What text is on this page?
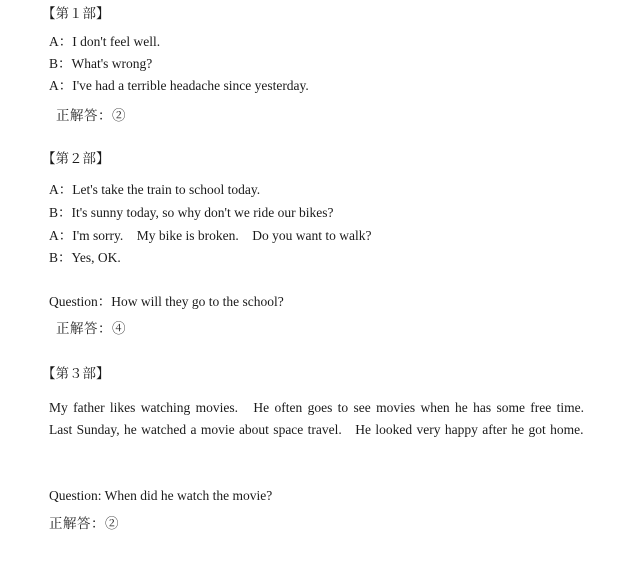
【第１部】
A：I don't feel well.
B：What's wrong?
A：I've had a terrible headache since yesterday.
正解答：②
【第２部】
A：Let's take the train to school today.
B：It's sunny today, so why don't we ride our bikes?
A：I'm sorry.　My bike is broken.　Do you want to walk?
B：Yes, OK.
Question：How will they go to the school?
正解答：④
【第３部】
My father likes watching movies.　He often goes to see movies when he has some free time.　Last Sunday, he watched a movie about space travel.　He looked very happy after he got home.
Question: When did he watch the movie?
正解答：②
